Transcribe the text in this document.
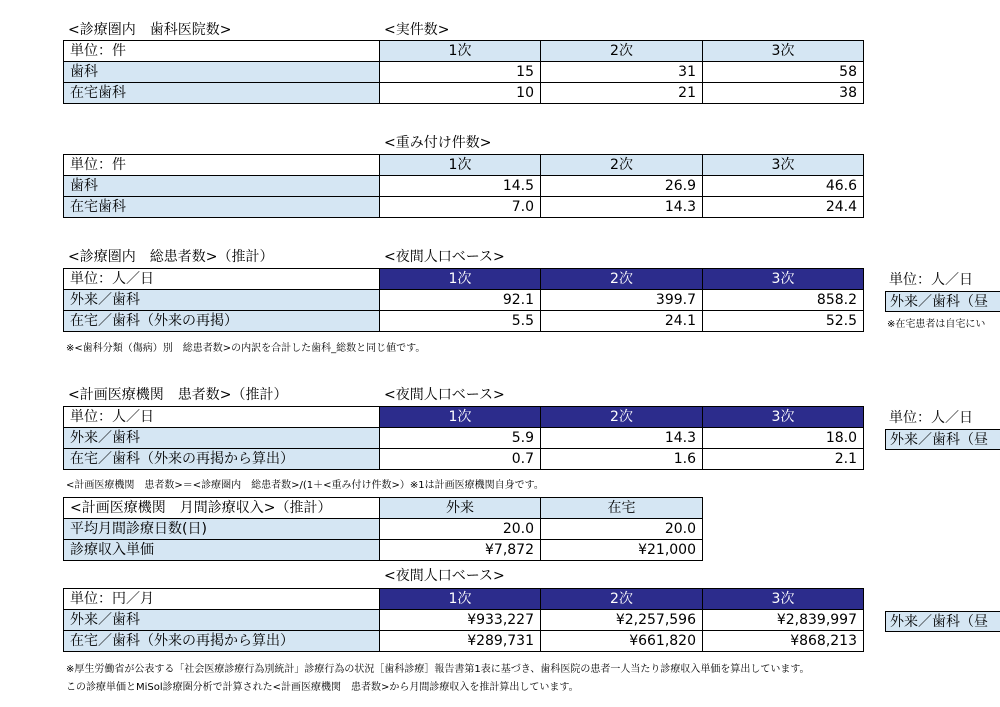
<診療圏内　歯科医院数>	<実件数>
単位：件	1次	2次	3次
歯科	15	31	58
在宅歯科	10	21	38
<重み付け件数>
単位：件	1次	2次	3次
歯科	14.5	26.9	46.6
在宅歯科	7.0	14.3	24.4
<診療圏内　総患者数>（推計）	<夜間人口ベース>
単位：人／日	1次	2次	3次
外来／歯科	92.1	399.7	858.2
在宅／歯科（外来の再掲）	5.5	24.1	52.5
※<歯科分類（傷病）別　総患者数>の内訳を合計した歯科_総数と同じ値です。
単位：人／日
外来／歯科（昼
※在宅患者は自宅にい
<計画医療機関　患者数>（推計）	<夜間人口ベース>
単位：人／日	1次	2次	3次
外来／歯科	5.9	14.3	18.0
在宅／歯科（外来の再掲から算出）	0.7	1.6	2.1
<計画医療機関　患者数>＝<診療圏内　総患者数>/(1＋<重み付け件数>）※1は計画医療機関自身です。
単位：人／日
外来／歯科（昼
<計画医療機関　月間診療収入>（推計）	外来	在宅
平均月間診療日数(日)	20.0	20.0
診療収入単価	¥7,872	¥21,000
<夜間人口ベース>
単位：円／月	1次	2次	3次
外来／歯科	¥933,227	¥2,257,596	¥2,839,997
在宅／歯科（外来の再掲から算出）	¥289,731	¥661,820	¥868,213
外来／歯科（昼
※厚生労働省が公表する「社会医療診療行為別統計」診療行為の状況［歯科診療］報告書第1表に基づき、歯科医院の患者一人当たり診療収入単価を算出しています。
この診療単価とMiSol診療圏分析で計算された<計画医療機関　患者数>から月間診療収入を推計算出しています。
